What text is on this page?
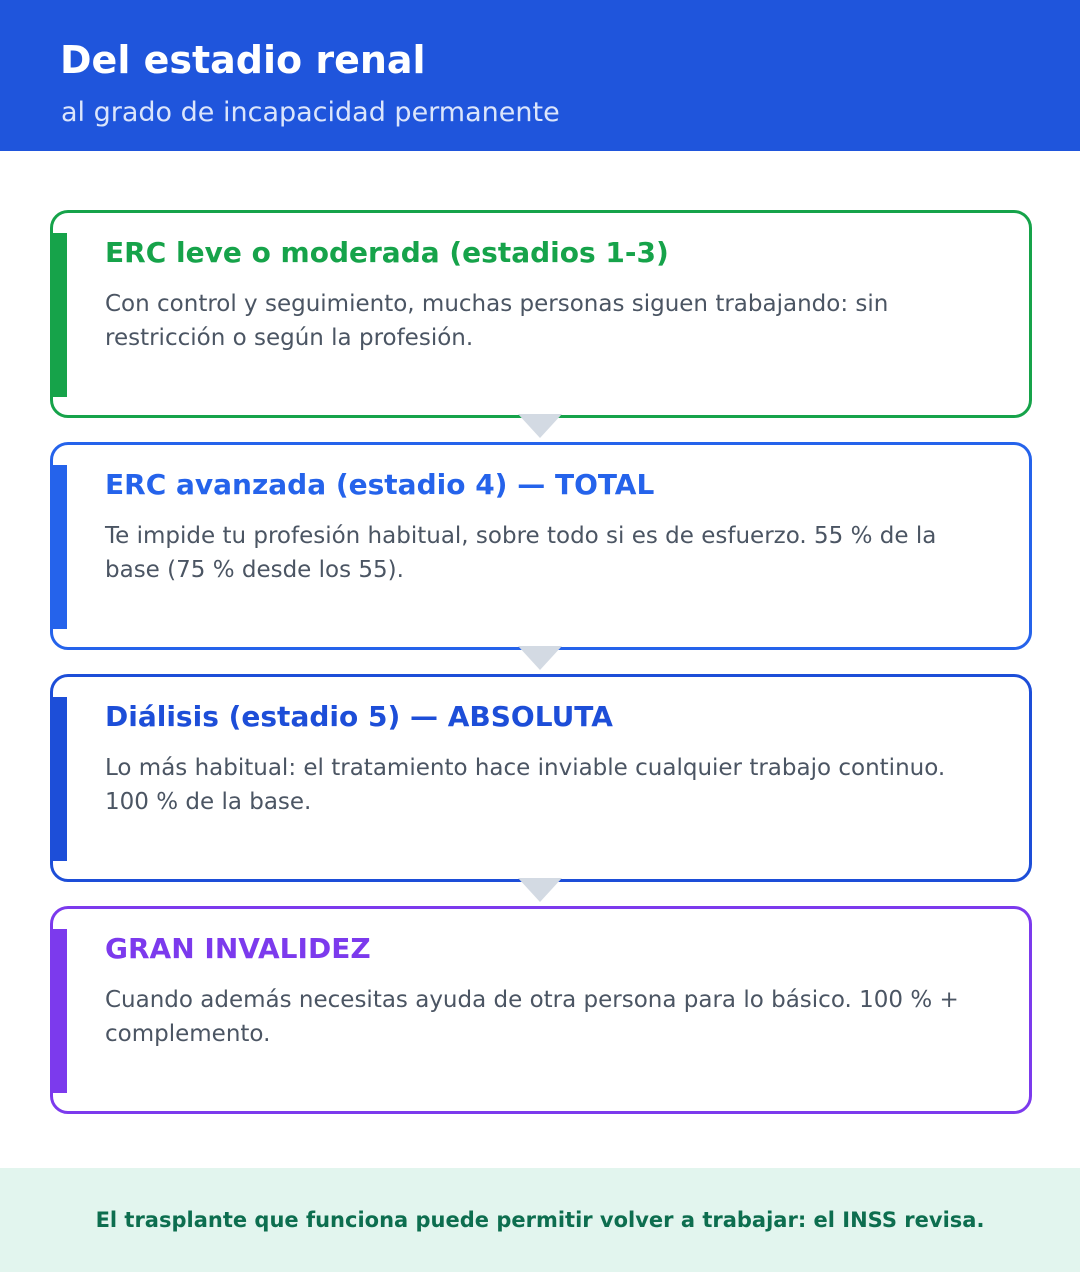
Del estadio renal
al grado de incapacidad permanente
ERC leve o moderada (estadios 1-3)
Con control y seguimiento, muchas personas siguen trabajando: sin restricción o según la profesión.
ERC avanzada (estadio 4) — TOTAL
Te impide tu profesión habitual, sobre todo si es de esfuerzo. 55 % de la base (75 % desde los 55).
Diálisis (estadio 5) — ABSOLUTA
Lo más habitual: el tratamiento hace inviable cualquier trabajo continuo. 100 % de la base.
GRAN INVALIDEZ
Cuando además necesitas ayuda de otra persona para lo básico. 100 % + complemento.
El trasplante que funciona puede permitir volver a trabajar: el INSS revisa.
